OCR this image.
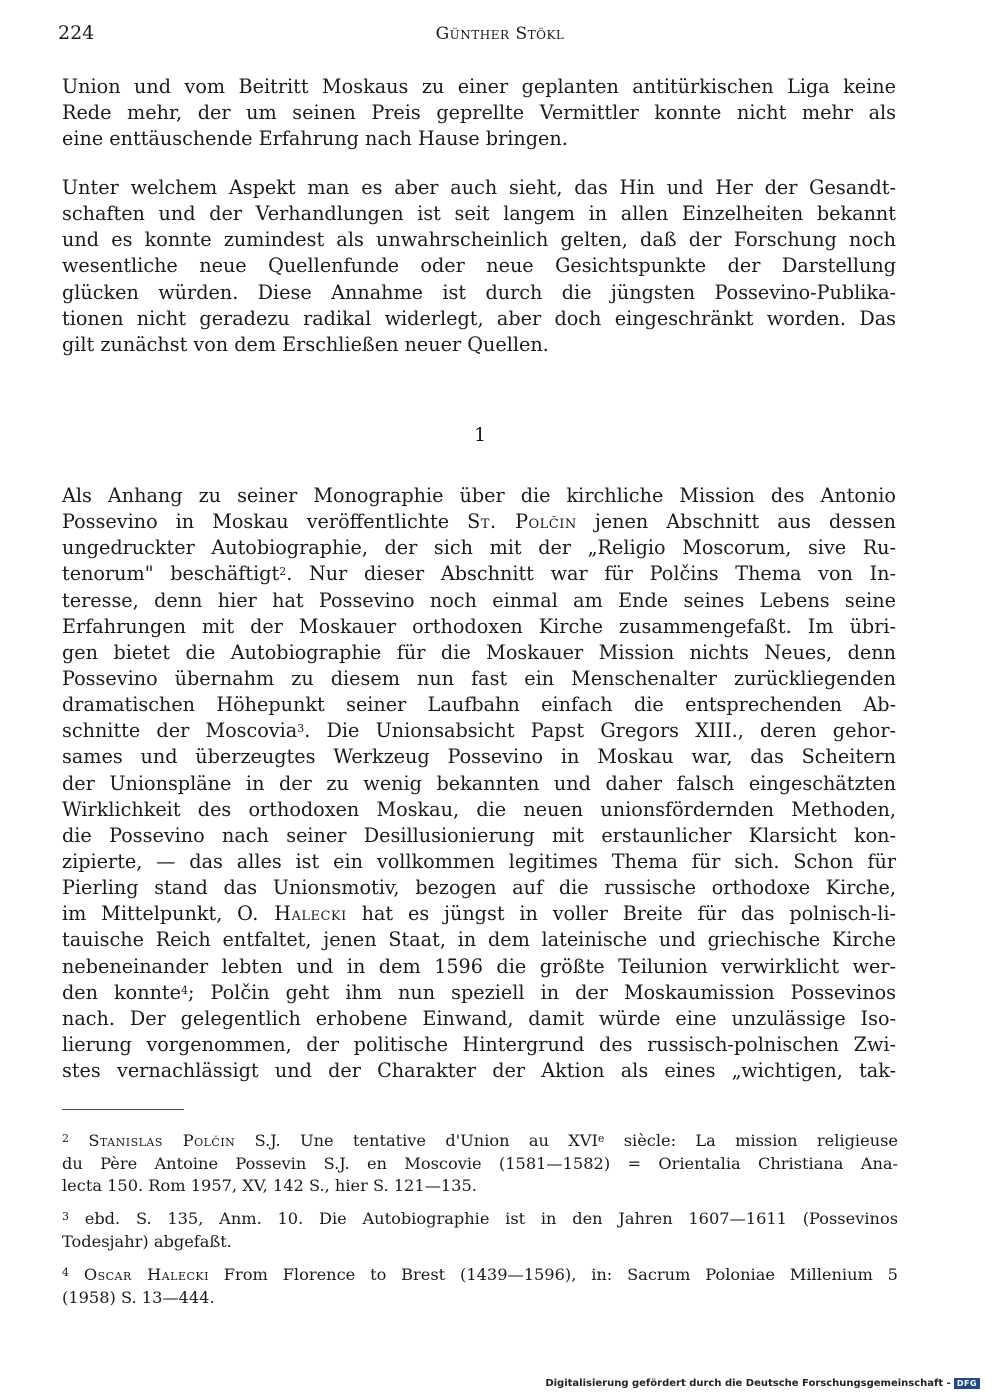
224	Günther Stökl
Union und vom Beitritt Moskaus zu einer geplanten antitürkischen Liga keine
Rede mehr, der um seinen Preis geprellte Vermittler konnte nicht mehr als
eine enttäuschende Erfahrung nach Hause bringen.
Unter welchem Aspekt man es aber auch sieht, das Hin und Her der Gesandt-
schaften und der Verhandlungen ist seit langem in allen Einzelheiten bekannt
und es konnte zumindest als unwahrscheinlich gelten, daß der Forschung noch
wesentliche neue Quellenfunde oder neue Gesichtspunkte der Darstellung
glücken würden. Diese Annahme ist durch die jüngsten Possevino-Publika-
tionen nicht geradezu radikal widerlegt, aber doch eingeschränkt worden. Das
gilt zunächst von dem Erschließen neuer Quellen.
1
Als Anhang zu seiner Monographie über die kirchliche Mission des Antonio
Possevino in Moskau veröffentlichte St. Polčin jenen Abschnitt aus dessen
ungedruckter Autobiographie, der sich mit der „Religio Moscorum, sive Ru-
tenorum" beschäftigt$^2$. Nur dieser Abschnitt war für Polčins Thema von In-
teresse, denn hier hat Possevino noch einmal am Ende seines Lebens seine
Erfahrungen mit der Moskauer orthodoxen Kirche zusammengefaßt. Im übri-
gen bietet die Autobiographie für die Moskauer Mission nichts Neues, denn
Possevino übernahm zu diesem nun fast ein Menschenalter zurückliegenden
dramatischen Höhepunkt seiner Laufbahn einfach die entsprechenden Ab-
schnitte der Moscovia$^3$. Die Unionsabsicht Papst Gregors XIII., deren gehor-
sames und überzeugtes Werkzeug Possevino in Moskau war, das Scheitern
der Unionspläne in der zu wenig bekannten und daher falsch eingeschätzten
Wirklichkeit des orthodoxen Moskau, die neuen unionsfördernden Methoden,
die Possevino nach seiner Desillusionierung mit erstaunlicher Klarsicht kon-
zipierte, — das alles ist ein vollkommen legitimes Thema für sich. Schon für
Pierling stand das Unionsmotiv, bezogen auf die russische orthodoxe Kirche,
im Mittelpunkt, O. Halecki hat es jüngst in voller Breite für das polnisch-li-
tauische Reich entfaltet, jenen Staat, in dem lateinische und griechische Kirche
nebeneinander lebten und in dem 1596 die größte Teilunion verwirklicht wer-
den konnte$^4$; Polčin geht ihm nun speziell in der Moskaumission Possevinos
nach. Der gelegentlich erhobene Einwand, damit würde eine unzulässige Iso-
lierung vorgenommen, der politische Hintergrund des russisch-polnischen Zwi-
stes vernachlässigt und der Charakter der Aktion als eines „wichtigen, tak-
$^2$ Stanislas Polčin S.J. Une tentative d'Union au XVIe siècle: La mission religieuse
du Père Antoine Possevin S.J. en Moscovie (1581—1582) = Orientalia Christiana Ana-
lecta 150. Rom 1957, XV, 142 S., hier S. 121—135.
$^3$ ebd. S. 135, Anm. 10. Die Autobiographie ist in den Jahren 1607—1611 (Possevinos
Todesjahr) abgefaßt.
$^4$ Oscar Halecki From Florence to Brest (1439—1596), in: Sacrum Poloniae Millenium 5
(1958) S. 13—444.
Digitalisierung gefördert durch die Deutsche Forschungsgemeinschaft - DFG
